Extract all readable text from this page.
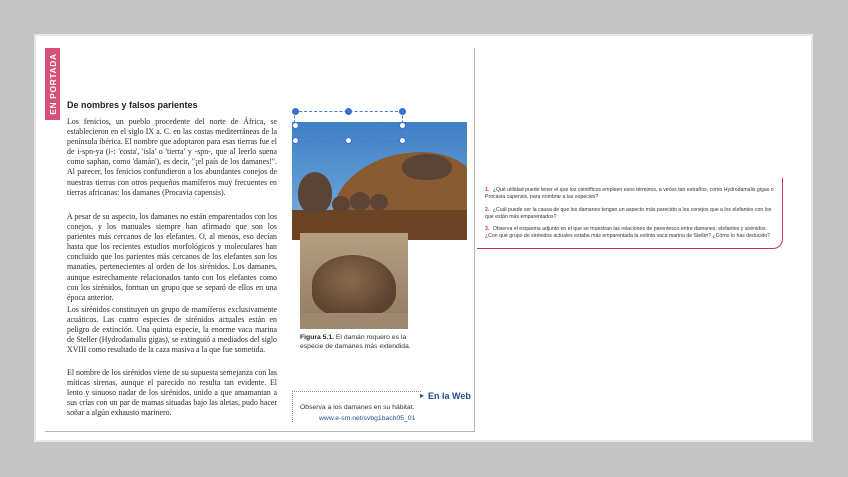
EN PORTADA De nombres y falsos parientes

Los fenicios, un pueblo procedente del norte de África, se establecieron en el siglo IX a. C. en las costas mediterráneas de la península ibérica. El nombre que adoptaron para esas tierras fue el de i-spn-ya (i-: 'costa', 'isla' o 'tierra' y -spn-, que al leerlo suena como saphan, como 'damán'), es decir, "¡el país de los damanes!". Al parecer, los fenicios confundieron a los abundantes conejos de nuestras tierras con otros pequeños mamíferos muy frecuentes en tierras africanas: los damanes (Procavia capensis).

A pesar de su aspecto, los damanes no están emparentados con los conejos, y los manuales siempre han afirmado que son los parientes más cercanos de los elefantes. O, al menos, eso decían hasta que los recientes estudios morfológicos y moleculares han concluido que los parientes más cercanos de los elefantes son los manatíes, pertenecientes al orden de los sirénidos. Los damanes, aunque estrechamente relacionados tanto con los elefantes como con los sirénidos, forman un grupo que se separó de ellos en una época anterior.

Los sirénidos constituyen un grupo de mamíferos exclusivamente acuáticos. Las cuatro especies de sirénidos actuales están en peligro de extinción. Una quinta especie, la enorme vaca marina de Steller (Hydrodamalis gigas), se extinguió a mediados del siglo XVIII como resultado de la caza masiva a la que fue sometida.

El nombre de los sirénidos viene de su supuesta semejanza con las míticas sirenas, aunque el parecido no resulta tan evidente. El lento y sinuoso nadar de los sirénidos, unido a que amamantan a sus crías con un par de mamas situadas bajo las aletas, pudo hacer soñar a algún exhausto marinero.

Figura 5.1. El damán roquero es la especie de damanes más extendida.

▸ En la Web
Observa a los damanes en su hábitat.
www.e-sm.net/svbg1bach05_01

1. ¿Qué utilidad puede tener el que los científicos empleen esos términos, a veces tan extraños, como Hydrodamalis gigas o Procavia capensis, para nombrar a las especies?

2. ¿Cuál puede ser la causa de que los damanes tengan un aspecto más parecido a los conejos que a los elefantes con los que están más emparentados?

3. Observa el esquema adjunto en el que se muestran las relaciones de parentesco entre damanes, elefantes y sirénidos. ¿Con qué grupo de sirénidos actuales estaba más emparentada la extinta vaca marina de Steller? ¿Cómo lo has deducido?
